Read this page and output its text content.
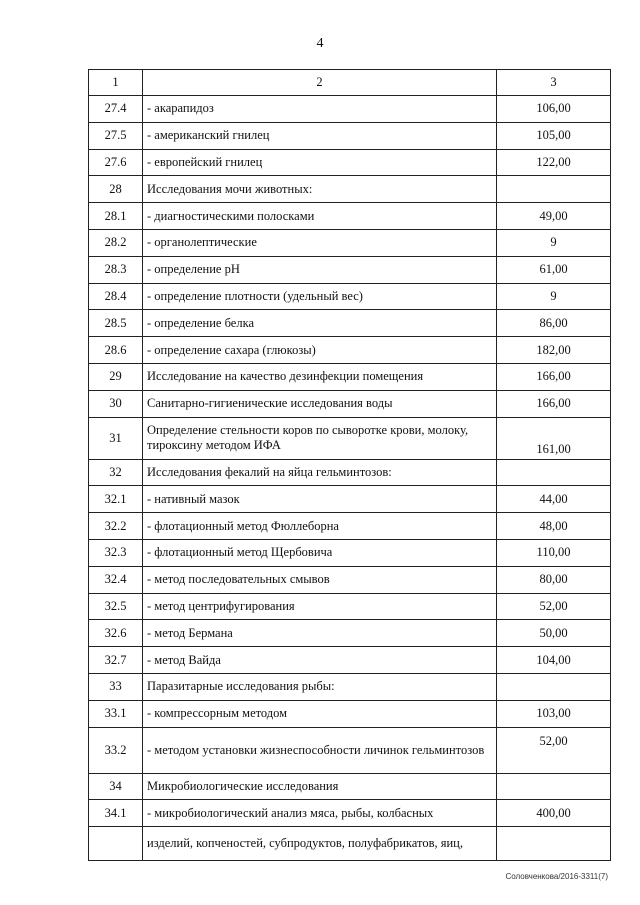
4
1	2	3
27.4	- акарапидоз	106,00
27.5	- американский гнилец	105,00
27.6	- европейский гнилец	122,00
28	Исследования мочи животных:	
28.1	- диагностическими полосками	49,00
28.2	- органолептические	9
28.3	- определение pH	61,00
28.4	- определение плотности (удельный вес)	9
28.5	- определение белка	86,00
28.6	- определение сахара (глюкозы)	182,00
29	Исследование на качество дезинфекции помещения	166,00
30	Санитарно-гигиенические исследования воды	166,00
31	Определение стельности коров по сыворотке крови, молоку, тироксину методом ИФА	161,00
32	Исследования фекалий на яйца гельминтозов:	
32.1	- нативный мазок	44,00
32.2	- флотационный метод Фюллеборна	48,00
32.3	- флотационный метод Щербовича	110,00
32.4	- метод последовательных смывов	80,00
32.5	- метод центрифугирования	52,00
32.6	- метод Бермана	50,00
32.7	- метод Вайда	104,00
33	Паразитарные исследования рыбы:	
33.1	- компрессорным методом	103,00
33.2	- методом установки жизнеспособности личинок гельминтозов	52,00
34	Микробиологические исследования	
34.1	- микробиологический анализ мяса, рыбы, колбасных	400,00
	изделий, копченостей, субпродуктов, полуфабрикатов, яиц,	
Соловченкова/2016-3311(7)
